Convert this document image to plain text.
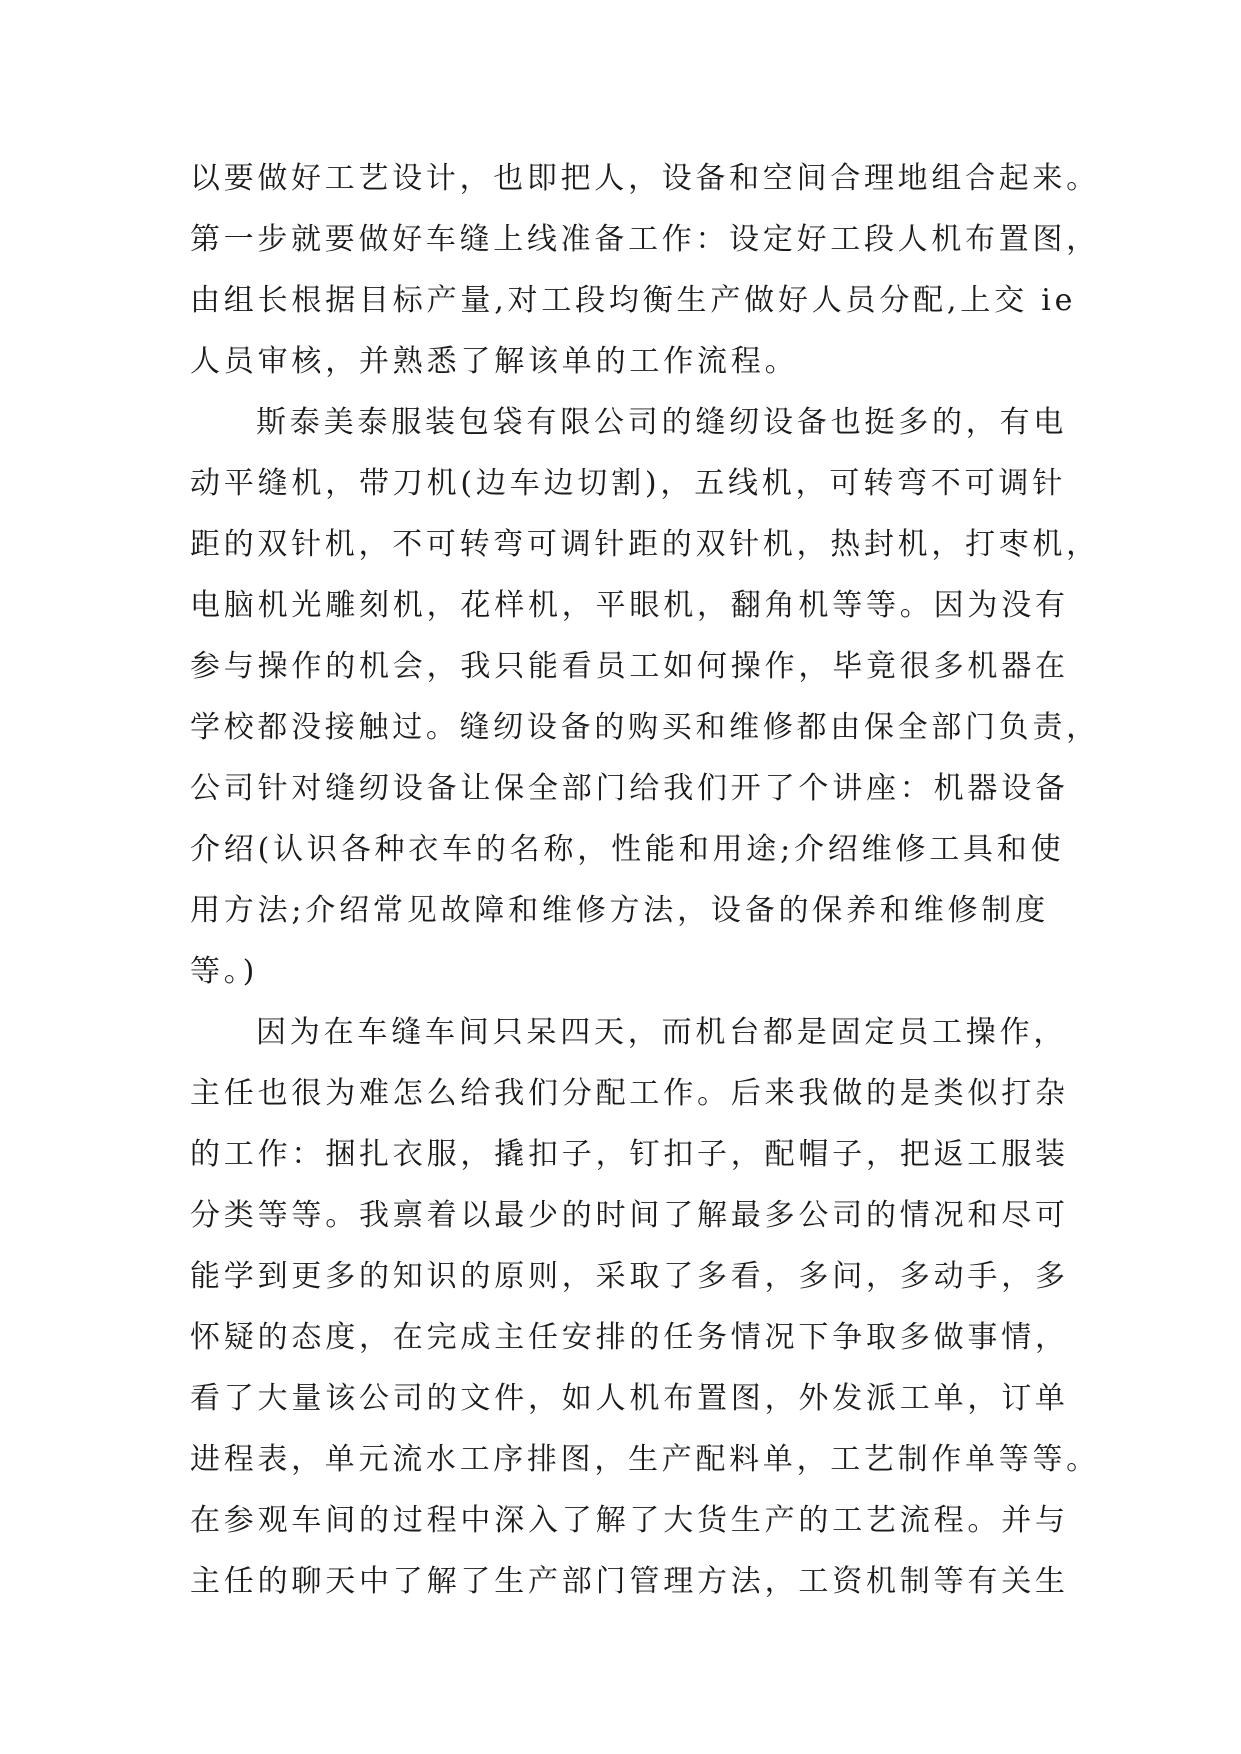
以要做好工艺设计，也即把人，设备和空间合理地组合起来。
第一步就要做好车缝上线准备工作：设定好工段人机布置图，
由组长根据目标产量,对工段均衡生产做好人员分配,上交 ie
人员审核，并熟悉了解该单的工作流程。
斯泰美泰服装包袋有限公司的缝纫设备也挺多的，有电
动平缝机，带刀机(边车边切割)，五线机，可转弯不可调针
距的双针机，不可转弯可调针距的双针机，热封机，打枣机，
电脑机光雕刻机，花样机，平眼机，翻角机等等。因为没有
参与操作的机会，我只能看员工如何操作，毕竟很多机器在
学校都没接触过。缝纫设备的购买和维修都由保全部门负责，
公司针对缝纫设备让保全部门给我们开了个讲座：机器设备
介绍(认识各种衣车的名称，性能和用途;介绍维修工具和使
用方法;介绍常见故障和维修方法，设备的保养和维修制度
等。)
因为在车缝车间只呆四天，而机台都是固定员工操作，
主任也很为难怎么给我们分配工作。后来我做的是类似打杂
的工作：捆扎衣服，撬扣子，钉扣子，配帽子，把返工服装
分类等等。我禀着以最少的时间了解最多公司的情况和尽可
能学到更多的知识的原则，采取了多看，多问，多动手，多
怀疑的态度，在完成主任安排的任务情况下争取多做事情，
看了大量该公司的文件，如人机布置图，外发派工单，订单
进程表，单元流水工序排图，生产配料单，工艺制作单等等。
在参观车间的过程中深入了解了大货生产的工艺流程。并与
主任的聊天中了解了生产部门管理方法，工资机制等有关生
